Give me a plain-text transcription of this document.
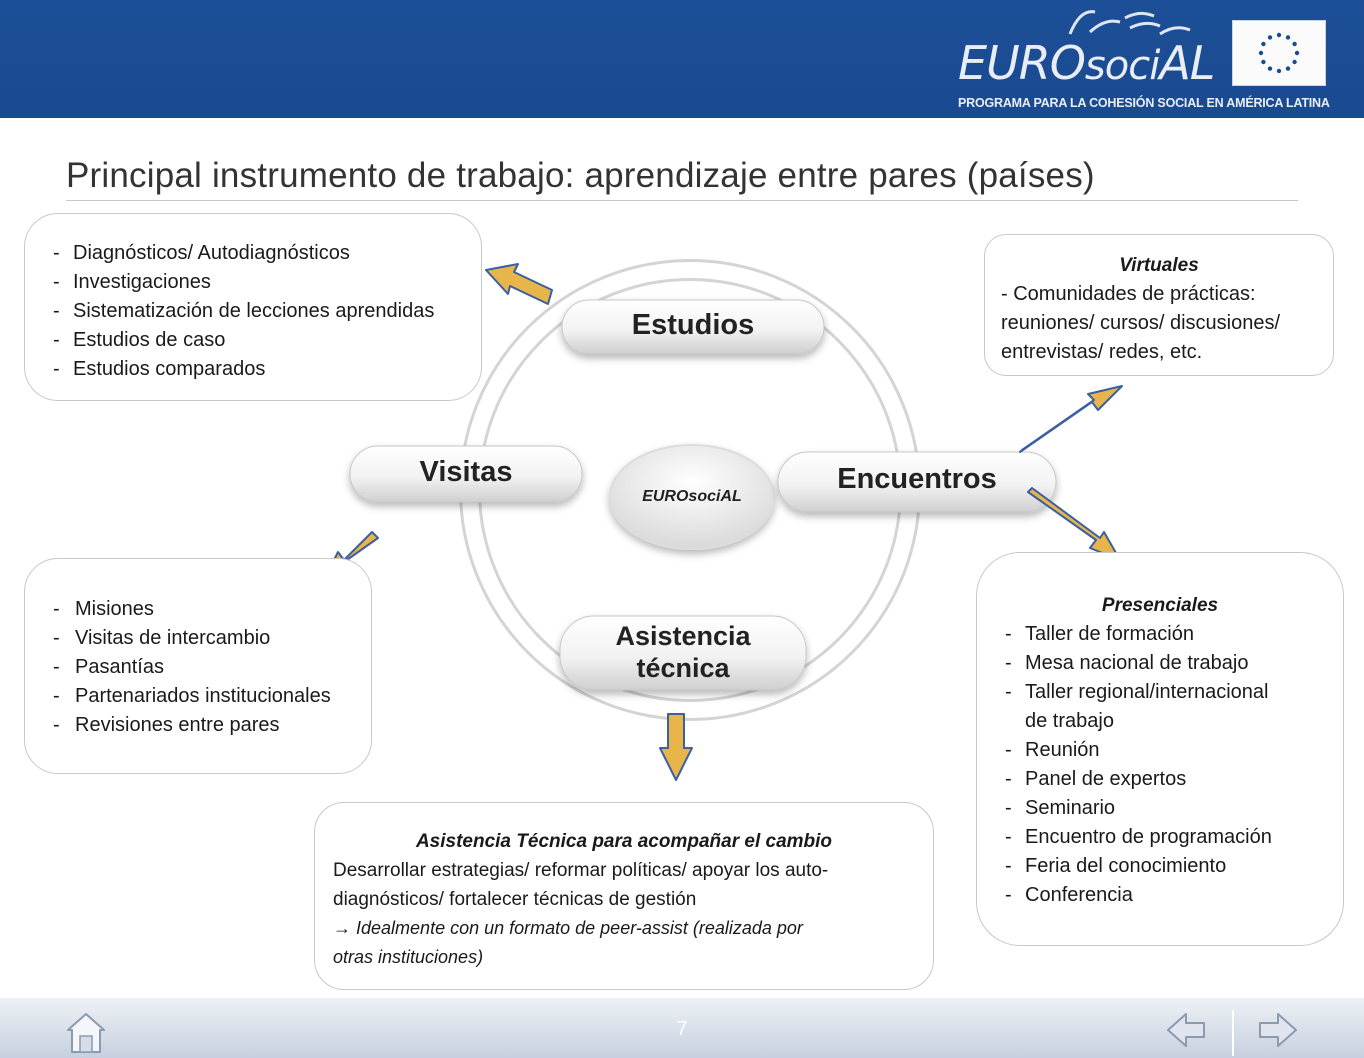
EUROsociAL
PROGRAMA PARA LA COHESIÓN SOCIAL EN AMÉRICA LATINA
Principal instrumento de trabajo: aprendizaje entre pares (países)
Estudios
Encuentros
Visitas
Asistencia
técnica
EUROsociAL
- Diagnósticos/ Autodiagnósticos
- Investigaciones
- Sistematización de lecciones aprendidas
- Estudios de caso
- Estudios comparados
- Misiones
- Visitas de intercambio
- Pasantías
- Partenariados institucionales
- Revisiones entre pares
Virtuales
- Comunidades de prácticas:
reuniones/ cursos/ discusiones/
entrevistas/ redes, etc.
Presenciales
- Taller de formación
- Mesa nacional de trabajo
- Taller regional/internacional
de trabajo
- Reunión
- Panel de expertos
- Seminario
- Encuentro de programación
- Feria del conocimiento
- Conferencia
Asistencia Técnica para acompañar el cambio
Desarrollar estrategias/ reformar políticas/ apoyar los auto-
diagnósticos/ fortalecer técnicas de gestión
→ Idealmente con un formato de peer-assist (realizada por
otras instituciones)
7
